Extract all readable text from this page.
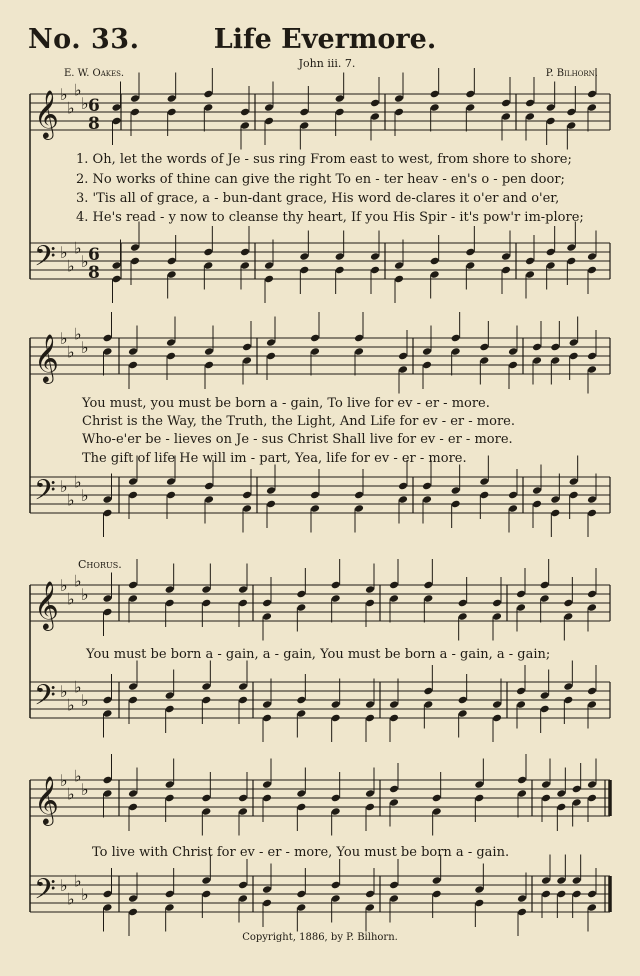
No. 33.	Life Evermore.
John iii. 7.
E. W. Oakes.	P. Bilhorn.
𝄞 ♭
♭
♭
♭ 6
8
𝄢 ♭
♭
♭
♭ 6
8
𝄞 ♭
♭
♭
♭
𝄢 ♭
♭
♭
♭
𝄞 ♭
♭
♭
♭
𝄢 ♭
♭
♭
♭
𝄞 ♭
♭
♭
♭
𝄢 ♭
♭
♭
♭
1. Oh, let the words of Je - sus ring From east to west, from shore to shore;
2. No works of thine can give the right To en - ter heav - en's o - pen door;
3. 'Tis all of grace, a - bun-dant grace, His word de-clares it o'er and o'er,
4. He's read - y now to cleanse thy heart, If you His Spir - it's pow'r im-plore;
You must, you must be born a - gain, To live for ev - er - more.
Christ is the Way, the Truth, the Light, And Life for ev - er - more.
Who-e'er be - lieves on Je - sus Christ Shall live for ev - er - more.
The gift of life He will im - part, Yea, life for ev - er - more.
Chorus.
You must be born a - gain, a - gain, You must be born a - gain, a - gain;
To live with Christ for ev - er - more, You must be born a - gain.
Copyright, 1886, by P. Bilhorn.
